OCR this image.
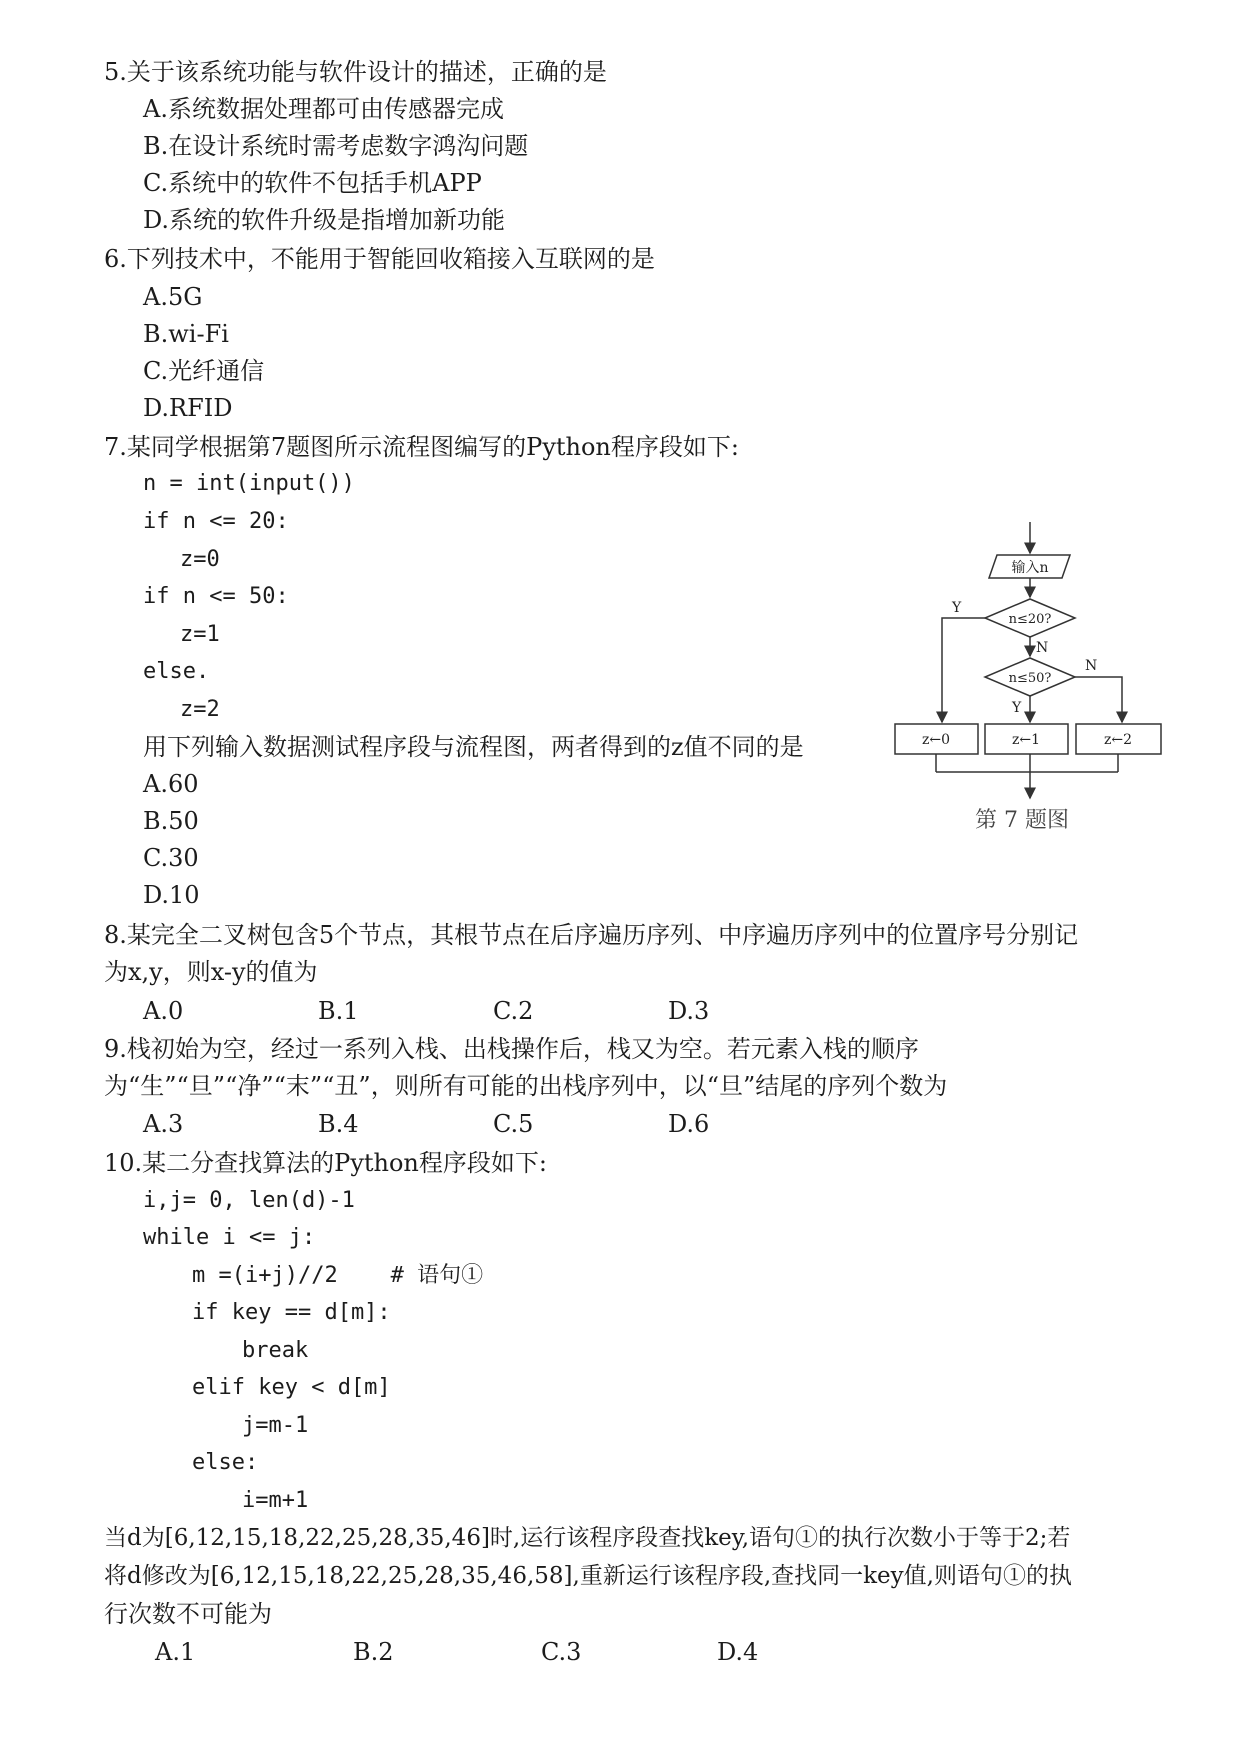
5.关于该系统功能与软件设计的描述，正确的是
A.系统数据处理都可由传感器完成
B.在设计系统时需考虑数字鸿沟问题
C.系统中的软件不包括手机APP
D.系统的软件升级是指增加新功能
6.下列技术中，不能用于智能回收箱接入互联网的是
A.5G
B.wi-Fi
C.光纤通信
D.RFID
7.某同学根据第7题图所示流程图编写的Python程序段如下:
n = int(input())
if n <= 20:
z=0
if n <= 50:
z=1
else.
z=2
用下列输入数据测试程序段与流程图，两者得到的z值不同的是
A.60
B.50
C.30
D.10
输入n
n≤20?
n≤50?
Y
N
Y
N
z←0	z←1	z←2
第 7 题图
8.某完全二叉树包含5个节点，其根节点在后序遍历序列、中序遍历序列中的位置序号分别记
为x,y，则x-y的值为
A.0	B.1	C.2	D.3
9.栈初始为空，经过一系列入栈、出栈操作后，栈又为空。若元素入栈的顺序
为“生”“旦”“净”“末”“丑”，则所有可能的出栈序列中，以“旦”结尾的序列个数为
A.3	B.4	C.5	D.6
10.某二分查找算法的Python程序段如下:
i,j= 0, len(d)-1
while i <= j:
m =(i+j)//2    # 语句①
if key == d[m]:
break
elif key < d[m]
j=m-1
else:
i=m+1
当d为[6,12,15,18,22,25,28,35,46]时,运行该程序段查找key,语句①的执行次数小于等于2;若
将d修改为[6,12,15,18,22,25,28,35,46,58],重新运行该程序段,查找同一key值,则语句①的执
行次数不可能为
A.1	B.2	C.3	D.4
